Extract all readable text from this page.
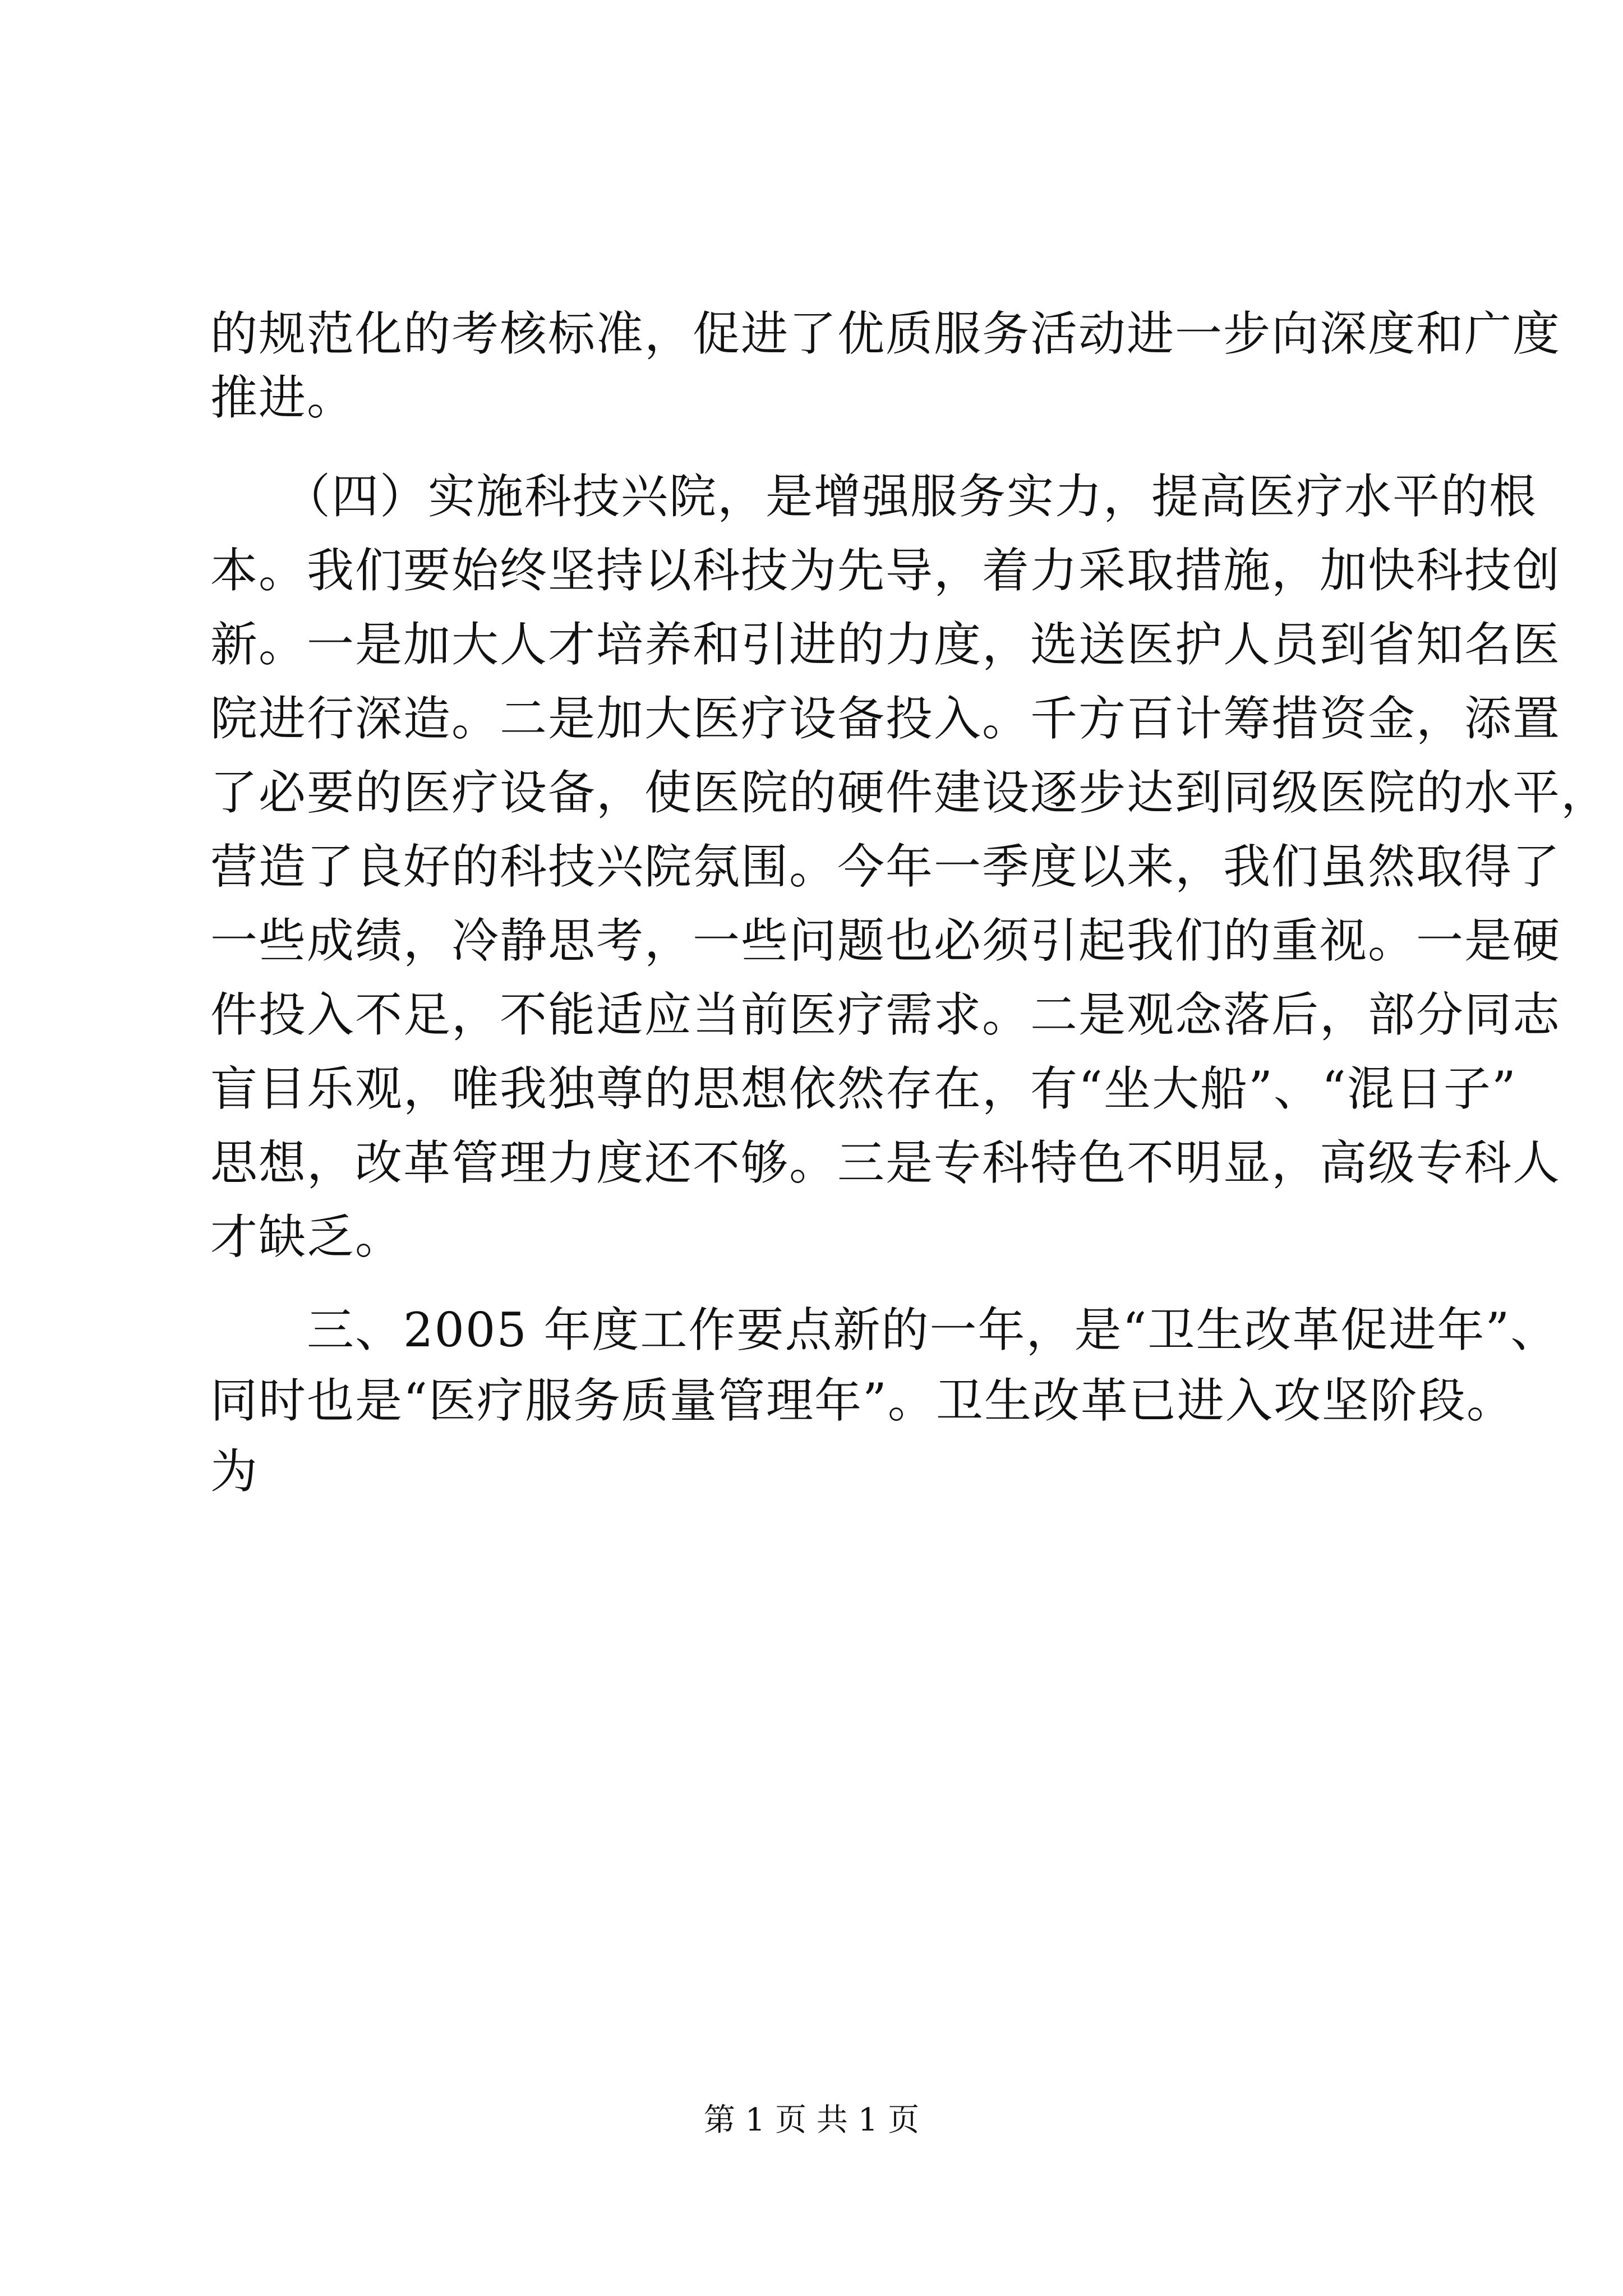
的规范化的考核标准，促进了优质服务活动进一步向深度和广度
推进。
　　（四）实施科技兴院，是增强服务实力，提高医疗水平的根
本。我们要始终坚持以科技为先导，着力采取措施，加快科技创
新。一是加大人才培养和引进的力度，选送医护人员到省知名医
院进行深造。二是加大医疗设备投入。千方百计筹措资金，添置
了必要的医疗设备，使医院的硬件建设逐步达到同级医院的水平，
营造了良好的科技兴院氛围。今年一季度以来，我们虽然取得了
一些成绩，冷静思考，一些问题也必须引起我们的重视。一是硬
件投入不足，不能适应当前医疗需求。二是观念落后，部分同志
盲目乐观，唯我独尊的思想依然存在，有“坐大船”、“混日子”
思想，改革管理力度还不够。三是专科特色不明显，高级专科人
才缺乏。
　　三、2005 年度工作要点新的一年，是“卫生改革促进年”、
同时也是“医疗服务质量管理年”。卫生改革已进入攻坚阶段。
为
第 1 页 共 1 页
